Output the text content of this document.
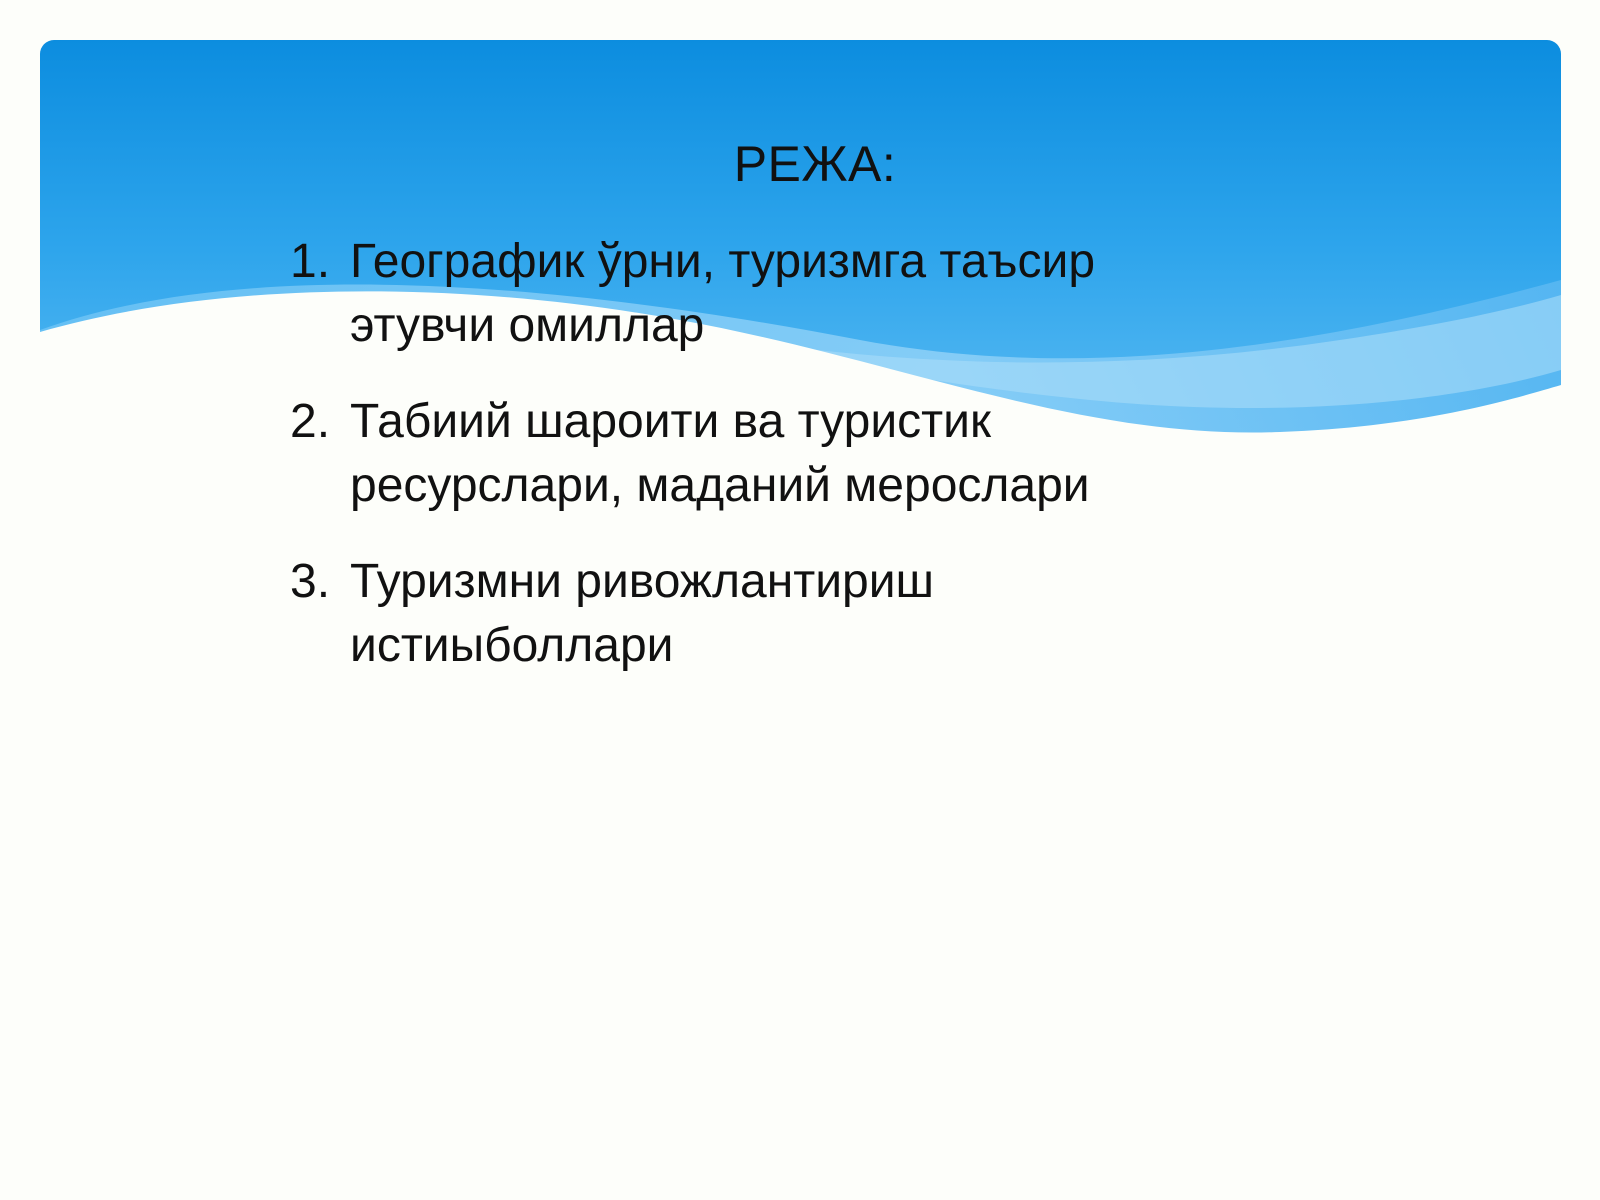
РЕЖА:
1. Географик ўрни, туризмга таъсир этувчи омиллар
2. Табиий шароити ва туристик ресурслари, маданий мерослари
3. Туризмни ривожлантириш истиыболлари
